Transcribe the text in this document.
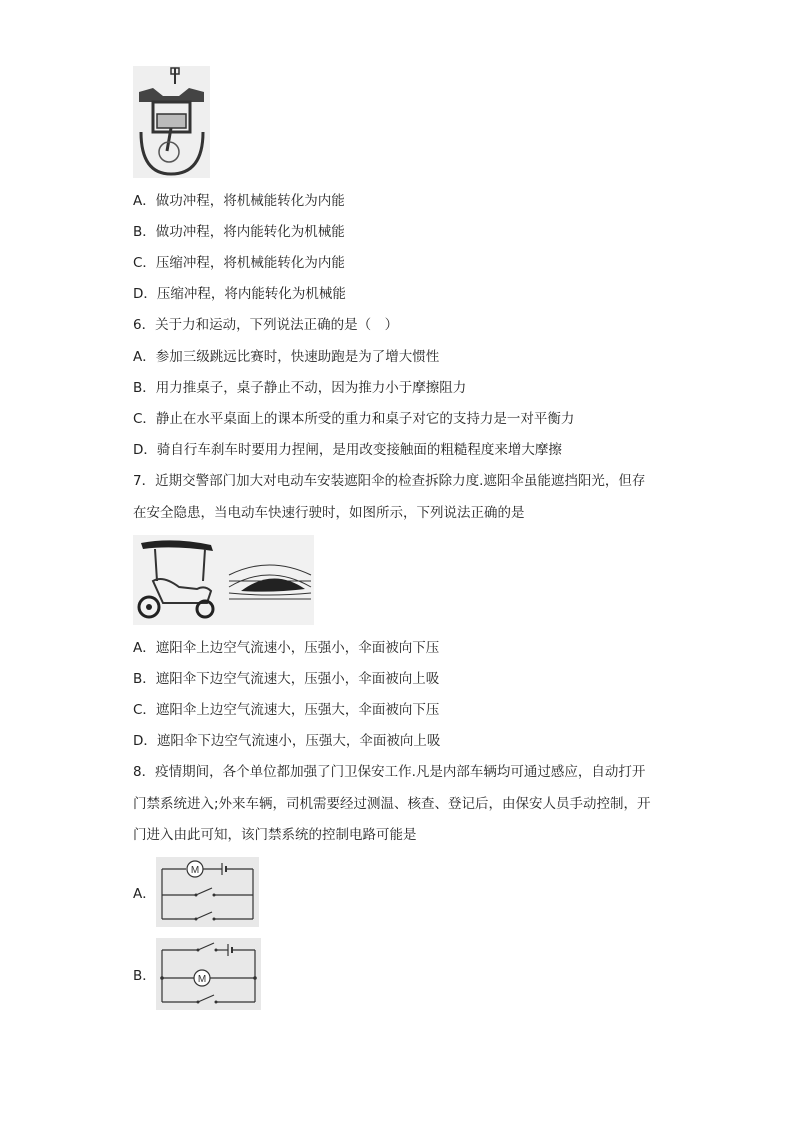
A．做功冲程，将机械能转化为内能
B．做功冲程，将内能转化为机械能
C．压缩冲程，将机械能转化为内能
D．压缩冲程，将内能转化为机械能
6．关于力和运动，下列说法正确的是（　）
A．参加三级跳远比赛时，快速助跑是为了增大惯性
B．用力推桌子，桌子静止不动，因为推力小于摩擦阻力
C．静止在水平桌面上的课本所受的重力和桌子对它的支持力是一对平衡力
D．骑自行车刹车时要用力捏闸，是用改变接触面的粗糙程度来增大摩擦
7．近期交警部门加大对电动车安装遮阳伞的检查拆除力度.遮阳伞虽能遮挡阳光，但存
在安全隐患，当电动车快速行驶时，如图所示，下列说法正确的是
A．遮阳伞上边空气流速小，压强小，伞面被向下压
B．遮阳伞下边空气流速大，压强小，伞面被向上吸
C．遮阳伞上边空气流速大，压强大，伞面被向下压
D．遮阳伞下边空气流速小，压强大，伞面被向上吸
8．疫情期间，各个单位都加强了门卫保安工作.凡是内部车辆均可通过感应，自动打开
门禁系统进入;外来车辆，司机需要经过测温、核查、登记后，由保安人员手动控制，开
门进入由此可知，该门禁系统的控制电路可能是
A．
M
B．	M
